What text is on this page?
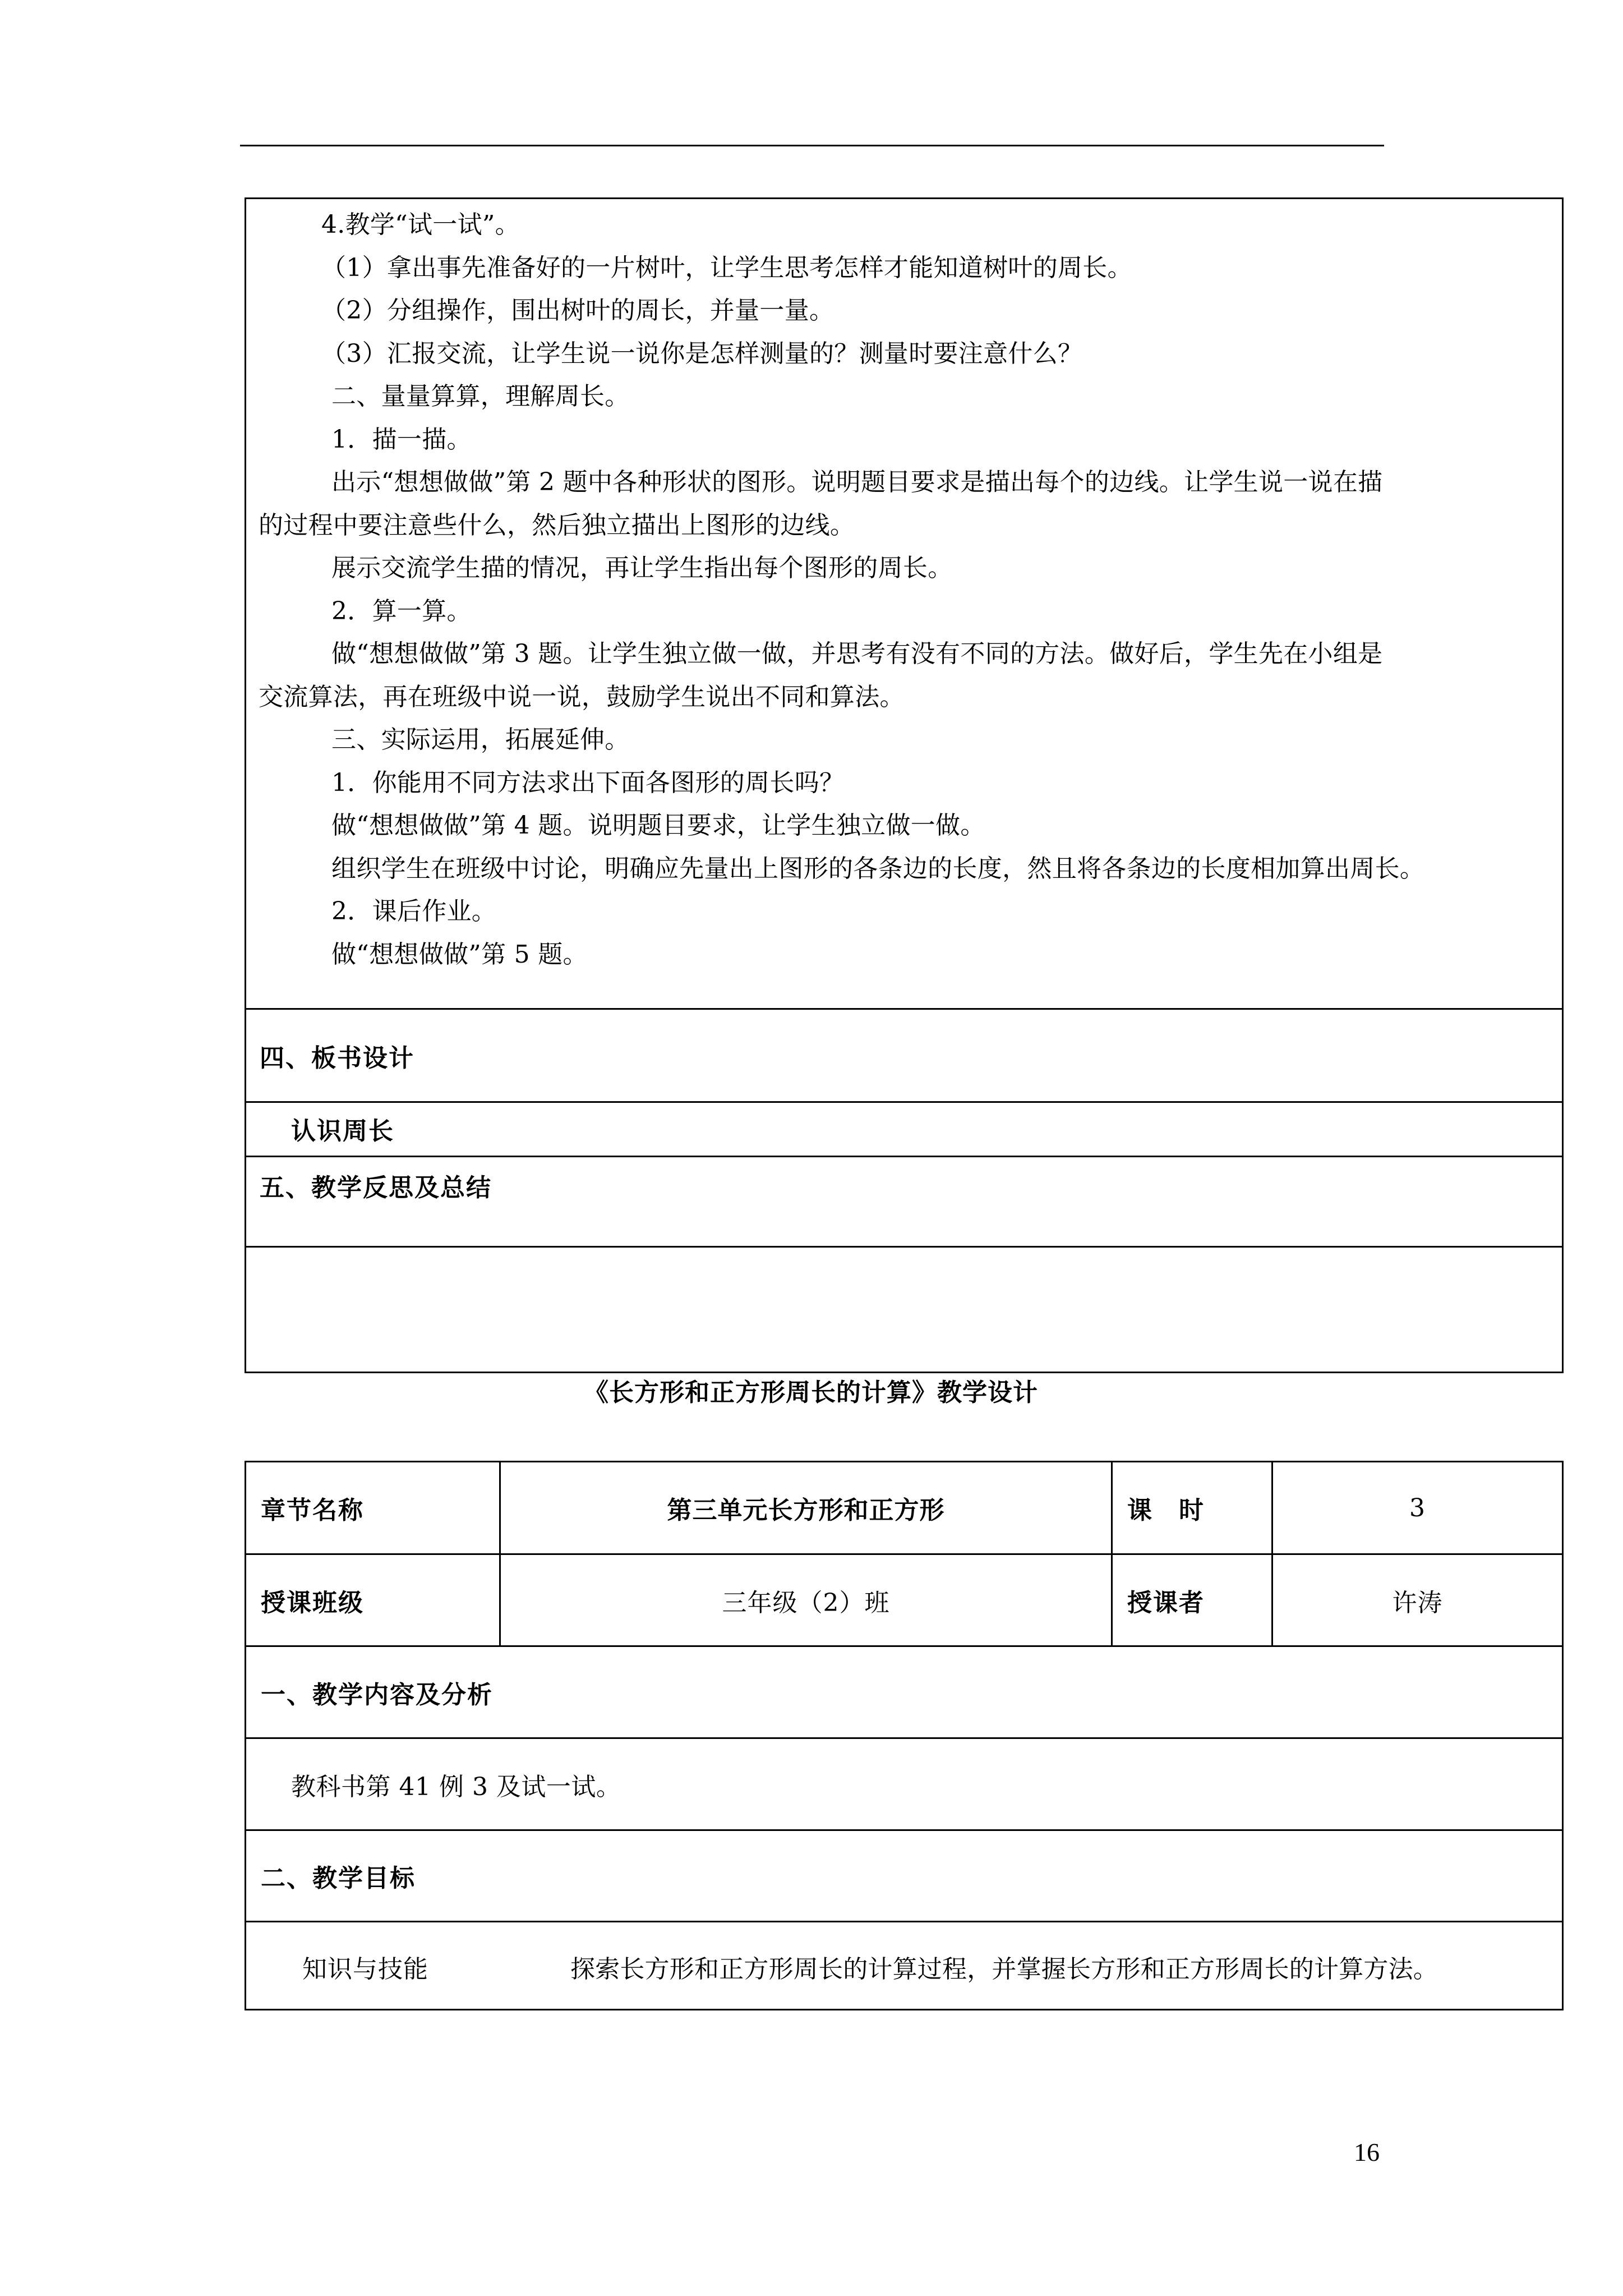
4.教学“试一试”。
（1）拿出事先准备好的一片树叶，让学生思考怎样才能知道树叶的周长。
（2）分组操作，围出树叶的周长，并量一量。
（3）汇报交流，让学生说一说你是怎样测量的？测量时要注意什么？
二、量量算算，理解周长。
1．描一描。
出示“想想做做”第 2 题中各种形状的图形。说明题目要求是描出每个的边线。让学生说一说在描
的过程中要注意些什么，然后独立描出上图形的边线。
展示交流学生描的情况，再让学生指出每个图形的周长。
2．算一算。
做“想想做做”第 3 题。让学生独立做一做，并思考有没有不同的方法。做好后，学生先在小组是
交流算法，再在班级中说一说，鼓励学生说出不同和算法。
三、实际运用，拓展延伸。
1．你能用不同方法求出下面各图形的周长吗？
做“想想做做”第 4 题。说明题目要求，让学生独立做一做。
组织学生在班级中讨论，明确应先量出上图形的各条边的长度，然且将各条边的长度相加算出周长。
2．课后作业。
做“想想做做”第 5 题。
四、板书设计
认识周长
五、教学反思及总结
《长方形和正方形周长的计算》教学设计
章节名称	第三单元长方形和正方形	课　时	3
授课班级	三年级（2）班	授课者	许涛
一、教学内容及分析
教科书第 41 例 3 及试一试。
二、教学目标
知识与技能	探索长方形和正方形周长的计算过程，并掌握长方形和正方形周长的计算方法。
16
